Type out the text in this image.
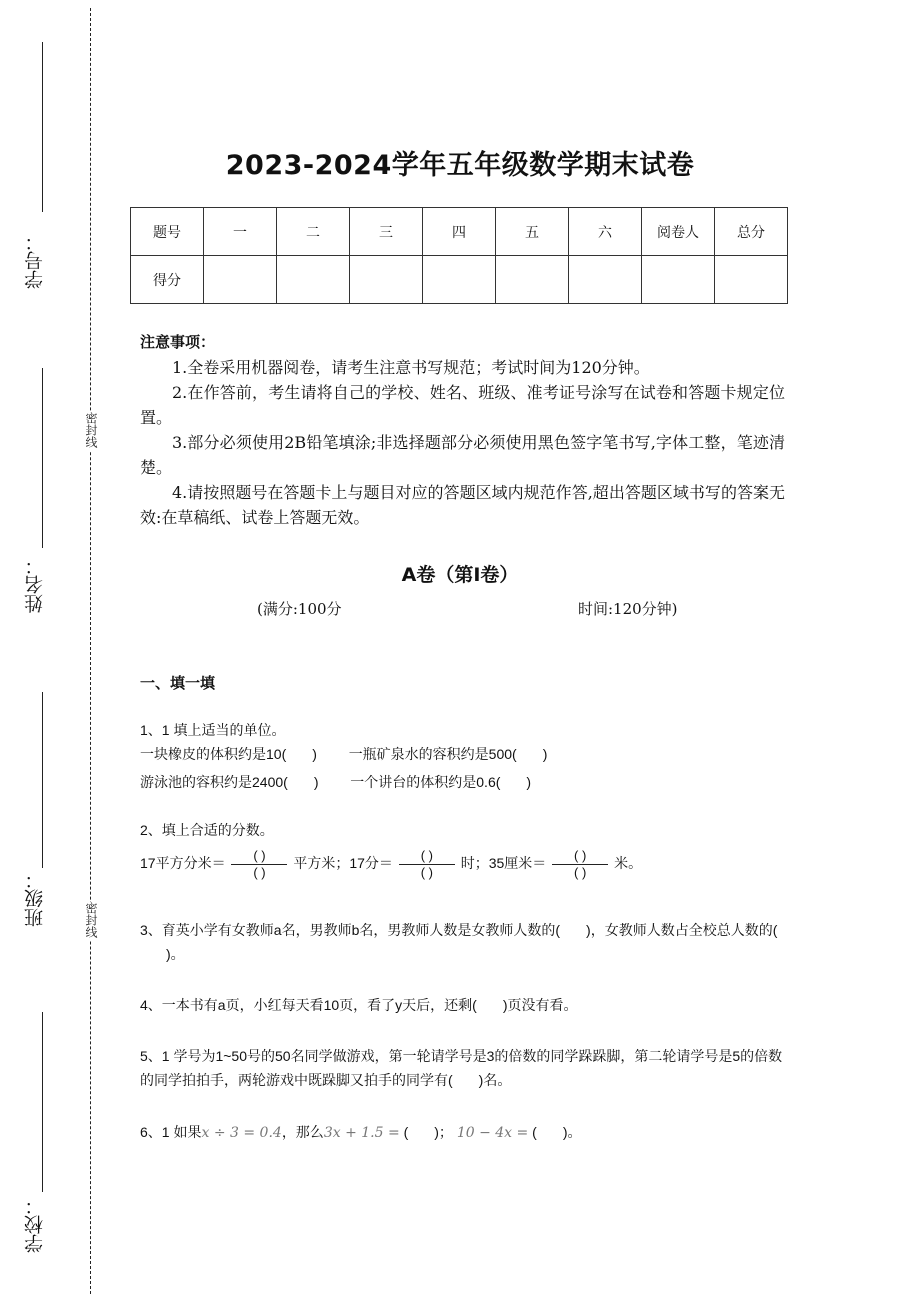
学号：
姓名：
班级：
学校：
密封线
密封线
2023-2024学年五年级数学期末试卷
题号	一	二	三	四	五	六	阅卷人	总分
得分								
注意事项：

1.全卷采用机器阅卷，请考生注意书写规范；考试时间为120分钟。

2.在作答前，考生请将自己的学校、姓名、班级、准考证号涂写在试卷和答题卡规定位置。

3.部分必须使用2B铅笔填涂;非选择题部分必须使用黑色签字笔书写,字体工整，笔迹清楚。

4.请按照题号在答题卡上与题目对应的答题区域内规范作答,超出答题区域书写的答案无效:在草稿纸、试卷上答题无效。

A卷（第Ⅰ卷）
(满分:100分	时间:120分钟)
一、填一填
1、1 填上适当的单位。
一块橡皮的体积约是10( ) 一瓶矿泉水的容积约是500( )
游泳池的容积约是2400( ) 一个讲台的体积约是0.6( )
2、填上合适的分数。
17平方分米＝ $\frac{( )}{( )}$ 平方米；17分＝ $\frac{( )}{( )}$ 时；35厘米＝ $\frac{( )}{( )}$ 米。
3、育英小学有女教师a名，男教师b名，男教师人数是女教师人数的( )，女教师人数占全校总人数的()。
4、一本书有a页，小红每天看10页，看了y天后，还剩( )页没有看。
5、1 学号为1~50号的50名同学做游戏，第一轮请学号是3的倍数的同学跺跺脚，第二轮请学号是5的倍数的同学拍拍手，两轮游戏中既跺脚又拍手的同学有( )名。
6、1 如果x ÷ 3 = 0.4，那么3x + 1.5 = ( )； 10 − 4x = ( )。
